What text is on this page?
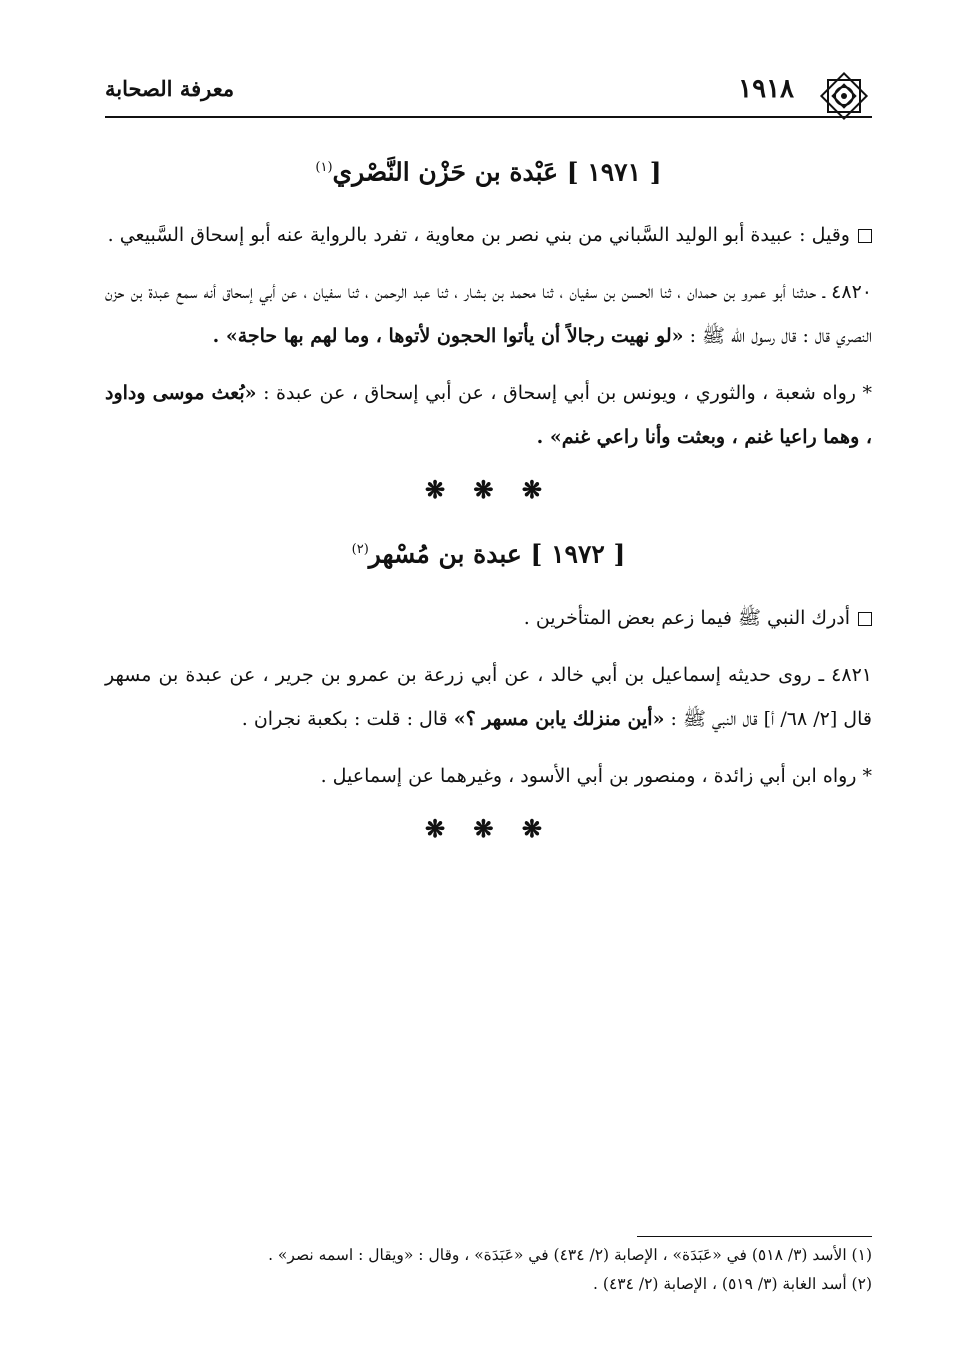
معرفة الصحابة	١٩١٨
[ ١٩٧١ ] عَبْدة بن حَزْن النَّصْري$^{(١)}$

وقيل : عبيدة أبو الوليد السَّباني من بني نصر بن معاوية ، تفرد بالرواية عنه أبو إسحاق السَّبيعي .

٤٨٢٠ ـ حدثنا أبو عمرو بن حمدان ، ثنا الحسن بن سفيان ، ثنا محمد بن بشار ، ثنا عبد الرحمن ، ثنا سفيان ، عن أبي إسحاق أنه سمع عبدة بن حزن النصري قال : قال رسول الله ﷺ : «لو نهيت رجالاً أن يأتوا الحجون لأتوها ، وما لهم بها حاجة» .

* رواه شعبة ، والثوري ، ويونس بن أبي إسحاق ، عن أبي إسحاق ، عن عبدة : «بُعث موسى وداود ، وهما راعيا غنم ، وبعثت وأنا راعي غنم» .

❋ ❋ ❋
[ ١٩٧٢ ] عبدة بن مُسْهر$^{(٢)}$

أدرك النبي ﷺ فيما زعم بعض المتأخرين .

٤٨٢١ ـ روى حديثه إسماعيل بن أبي خالد ، عن أبي زرعة بن عمرو بن جرير ، عن عبدة بن مسهر قال [٢/ ٦٨/ أ] قال النبي ﷺ : «أين منزلك يابن مسهر ؟» قال : قلت : بكعبة نجران .

* رواه ابن أبي زائدة ، ومنصور بن أبي الأسود ، وغيرهما عن إسماعيل .

❋ ❋ ❋
(١) الأسد (٣/ ٥١٨) في «عَبَدَة» ، الإصابة (٢/ ٤٣٤) في «عَبَدَة» ، وقال : «ويقال : اسمه نصر» .
(٢) أسد الغابة (٣/ ٥١٩) ، الإصابة (٢/ ٤٣٤) .
